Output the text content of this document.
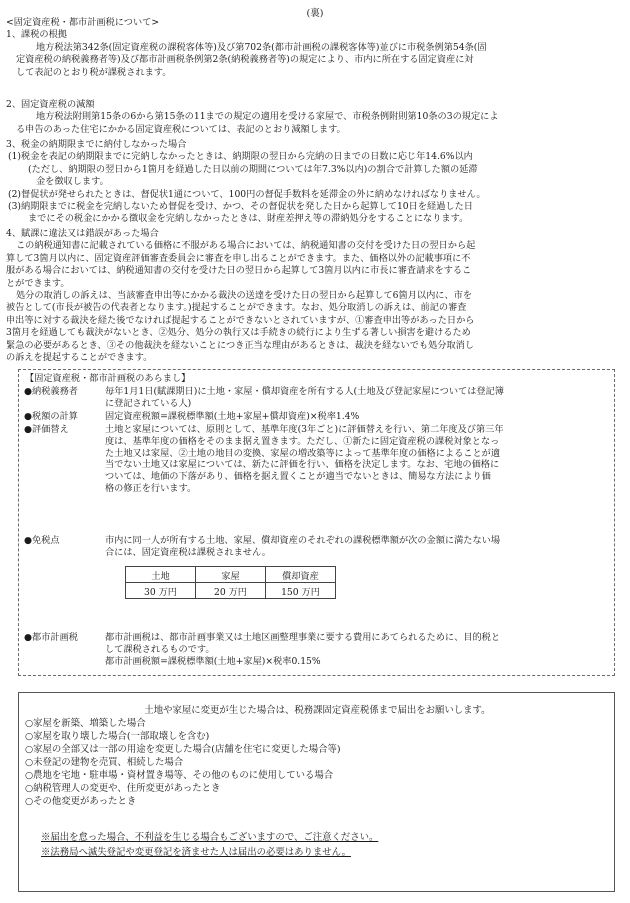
(裏)
<固定資産税・都市計画税について>
1、課税の根拠
地方税法第342条(固定資産税の課税客体等)及び第702条(都市計画税の課税客体等)並びに市税条例第54条(固
定資産税の納税義務者等)及び都市計画税条例第2条(納税義務者等)の規定により、市内に所在する固定資産に対
して表記のとおり税が課税されます。
2、固定資産税の減額
地方税法附則第15条の6から第15条の11までの規定の適用を受ける家屋で、市税条例附則第10条の3の規定によ
る申告のあった住宅にかかる固定資産税については、表記のとおり減額します。
3、税金の納期限までに納付しなかった場合
(1)税金を表記の納期限までに完納しなかったときは、納期限の翌日から完納の日までの日数に応じ年14.6%以内
(ただし、納期限の翌日から1箇月を経過した日以前の期間については年7.3%以内)の割合で計算した額の延滞
金を徴収します。
(2)督促状が発せられたときは、督促状1通について、100円の督促手数料を延滞金の外に納めなければなりません。
(3)納期限までに税金を完納しないため督促を受け、かつ、その督促状を発した日から起算して10日を経過した日
までにその税金にかかる徴収金を完納しなかったときは、財産差押え等の滞納処分をすることになります。
4、賦課に違法又は錯誤があった場合
この納税通知書に記載されている価格に不服がある場合においては、納税通知書の交付を受けた日の翌日から起
算して3箇月以内に、固定資産評価審査委員会に審査を申し出ることができます。また、価格以外の記載事項に不
服がある場合においては、納税通知書の交付を受けた日の翌日から起算して3箇月以内に市長に審査請求をするこ
とができます。
処分の取消しの訴えは、当該審査申出等にかかる裁決の送達を受けた日の翌日から起算して6箇月以内に、市を
被告として(市長が被告の代表者となります。)提起することができます。なお、処分取消しの訴えは、前記の審査
申出等に対する裁決を経た後でなければ提起することができないとされていますが、①審査申出等があった日から
3箇月を経過しても裁決がないとき、②処分、処分の執行又は手続きの続行により生ずる著しい損害を避けるため
緊急の必要があるとき、③その他裁決を経ないことにつき正当な理由があるときは、裁決を経ないでも処分取消し
の訴えを提起することができます。
【固定資産税・都市計画税のあらまし】
●納税義務者	毎年1月1日(賦課期日)に土地・家屋・償却資産を所有する人(土地及び登記家屋については登記簿
に登記されている人)
●税額の計算	固定資産税額=課税標準額(土地+家屋+償却資産)×税率1.4%
●評価替え	土地と家屋については、原則として、基準年度(3年ごと)に評価替えを行い、第二年度及び第三年
度は、基準年度の価格をそのまま据え置きます。ただし、①新たに固定資産税の課税対象となっ
た土地又は家屋、②土地の地目の変換、家屋の増改築等によって基準年度の価格によることが適
当でない土地又は家屋については、新たに評価を行い、価格を決定します。なお、宅地の価格に
ついては、地価の下落があり、価格を据え置くことが適当でないときは、簡易な方法により価
格の修正を行います。
●免税点	市内に同一人が所有する土地、家屋、償却資産のそれぞれの課税標準額が次の金額に満たない場
合には、固定資産税は課税されません。
土地	家屋	償却資産
30 万円	20 万円	150 万円
●都市計画税	都市計画税は、都市計画事業又は土地区画整理事業に要する費用にあてられるために、目的税と
して課税されるものです。
都市計画税額=課税標準額(土地+家屋)×税率0.15%
土地や家屋に変更が生じた場合は、税務課固定資産税係まで届出をお願いします。
○家屋を新築、増築した場合
○家屋を取り壊した場合(一部取壊しを含む)
○家屋の全部又は一部の用途を変更した場合(店舗を住宅に変更した場合等)
○未登記の建物を売買、相続した場合
○農地を宅地・駐車場・資材置き場等、その他のものに使用している場合
○納税管理人の変更や、住所変更があったとき
○その他変更があったとき
※届出を怠った場合、不利益を生じる場合もございますので、ご注意ください。
※法務局へ滅失登記や変更登記を済ませた人は届出の必要はありません。
